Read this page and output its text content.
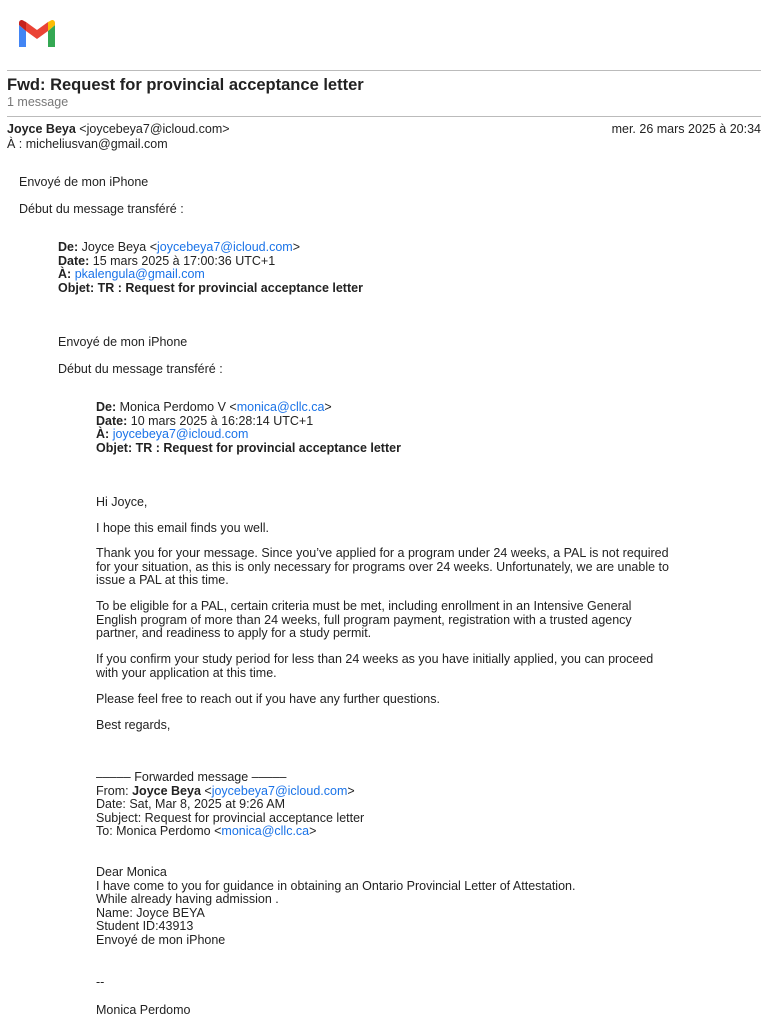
Fwd: Request for provincial acceptance letter
1 message
Joyce Beya <joycebeya7@icloud.com>	mer. 26 mars 2025 à 20:34
À : micheliusvan@gmail.com
Envoyé de mon iPhone
Début du message transféré :
De: Joyce Beya <joycebeya7@icloud.com>
Date: 15 mars 2025 à 17:00:36 UTC+1
À: pkalengula@gmail.com
Objet: TR : Request for provincial acceptance letter
Envoyé de mon iPhone
Début du message transféré :
De: Monica Perdomo V <monica@cllc.ca>
Date: 10 mars 2025 à 16:28:14 UTC+1
À: joycebeya7@icloud.com
Objet: TR : Request for provincial acceptance letter
Hi Joyce,
I hope this email finds you well.
Thank you for your message. Since you’ve applied for a program under 24 weeks, a PAL is not required for your situation, as this is only necessary for programs over 24 weeks. Unfortunately, we are unable to issue a PAL at this time.
To be eligible for a PAL, certain criteria must be met, including enrollment in an Intensive General English program of more than 24 weeks, full program payment, registration with a trusted agency partner, and readiness to apply for a study permit.
If you confirm your study period for less than 24 weeks as you have initially applied, you can proceed with your application at this time.
Please feel free to reach out if you have any further questions.
Best regards,
––––– Forwarded message –––––
From: Joyce Beya <joycebeya7@icloud.com>
Date: Sat, Mar 8, 2025 at 9:26 AM
Subject: Request for provincial acceptance letter
To: Monica Perdomo <monica@cllc.ca>
Dear Monica
I have come to you for guidance in obtaining an Ontario Provincial Letter of Attestation.
While already having admission .
Name: Joyce BEYA
Student ID:43913
Envoyé de mon iPhone
--
Monica Perdomo
